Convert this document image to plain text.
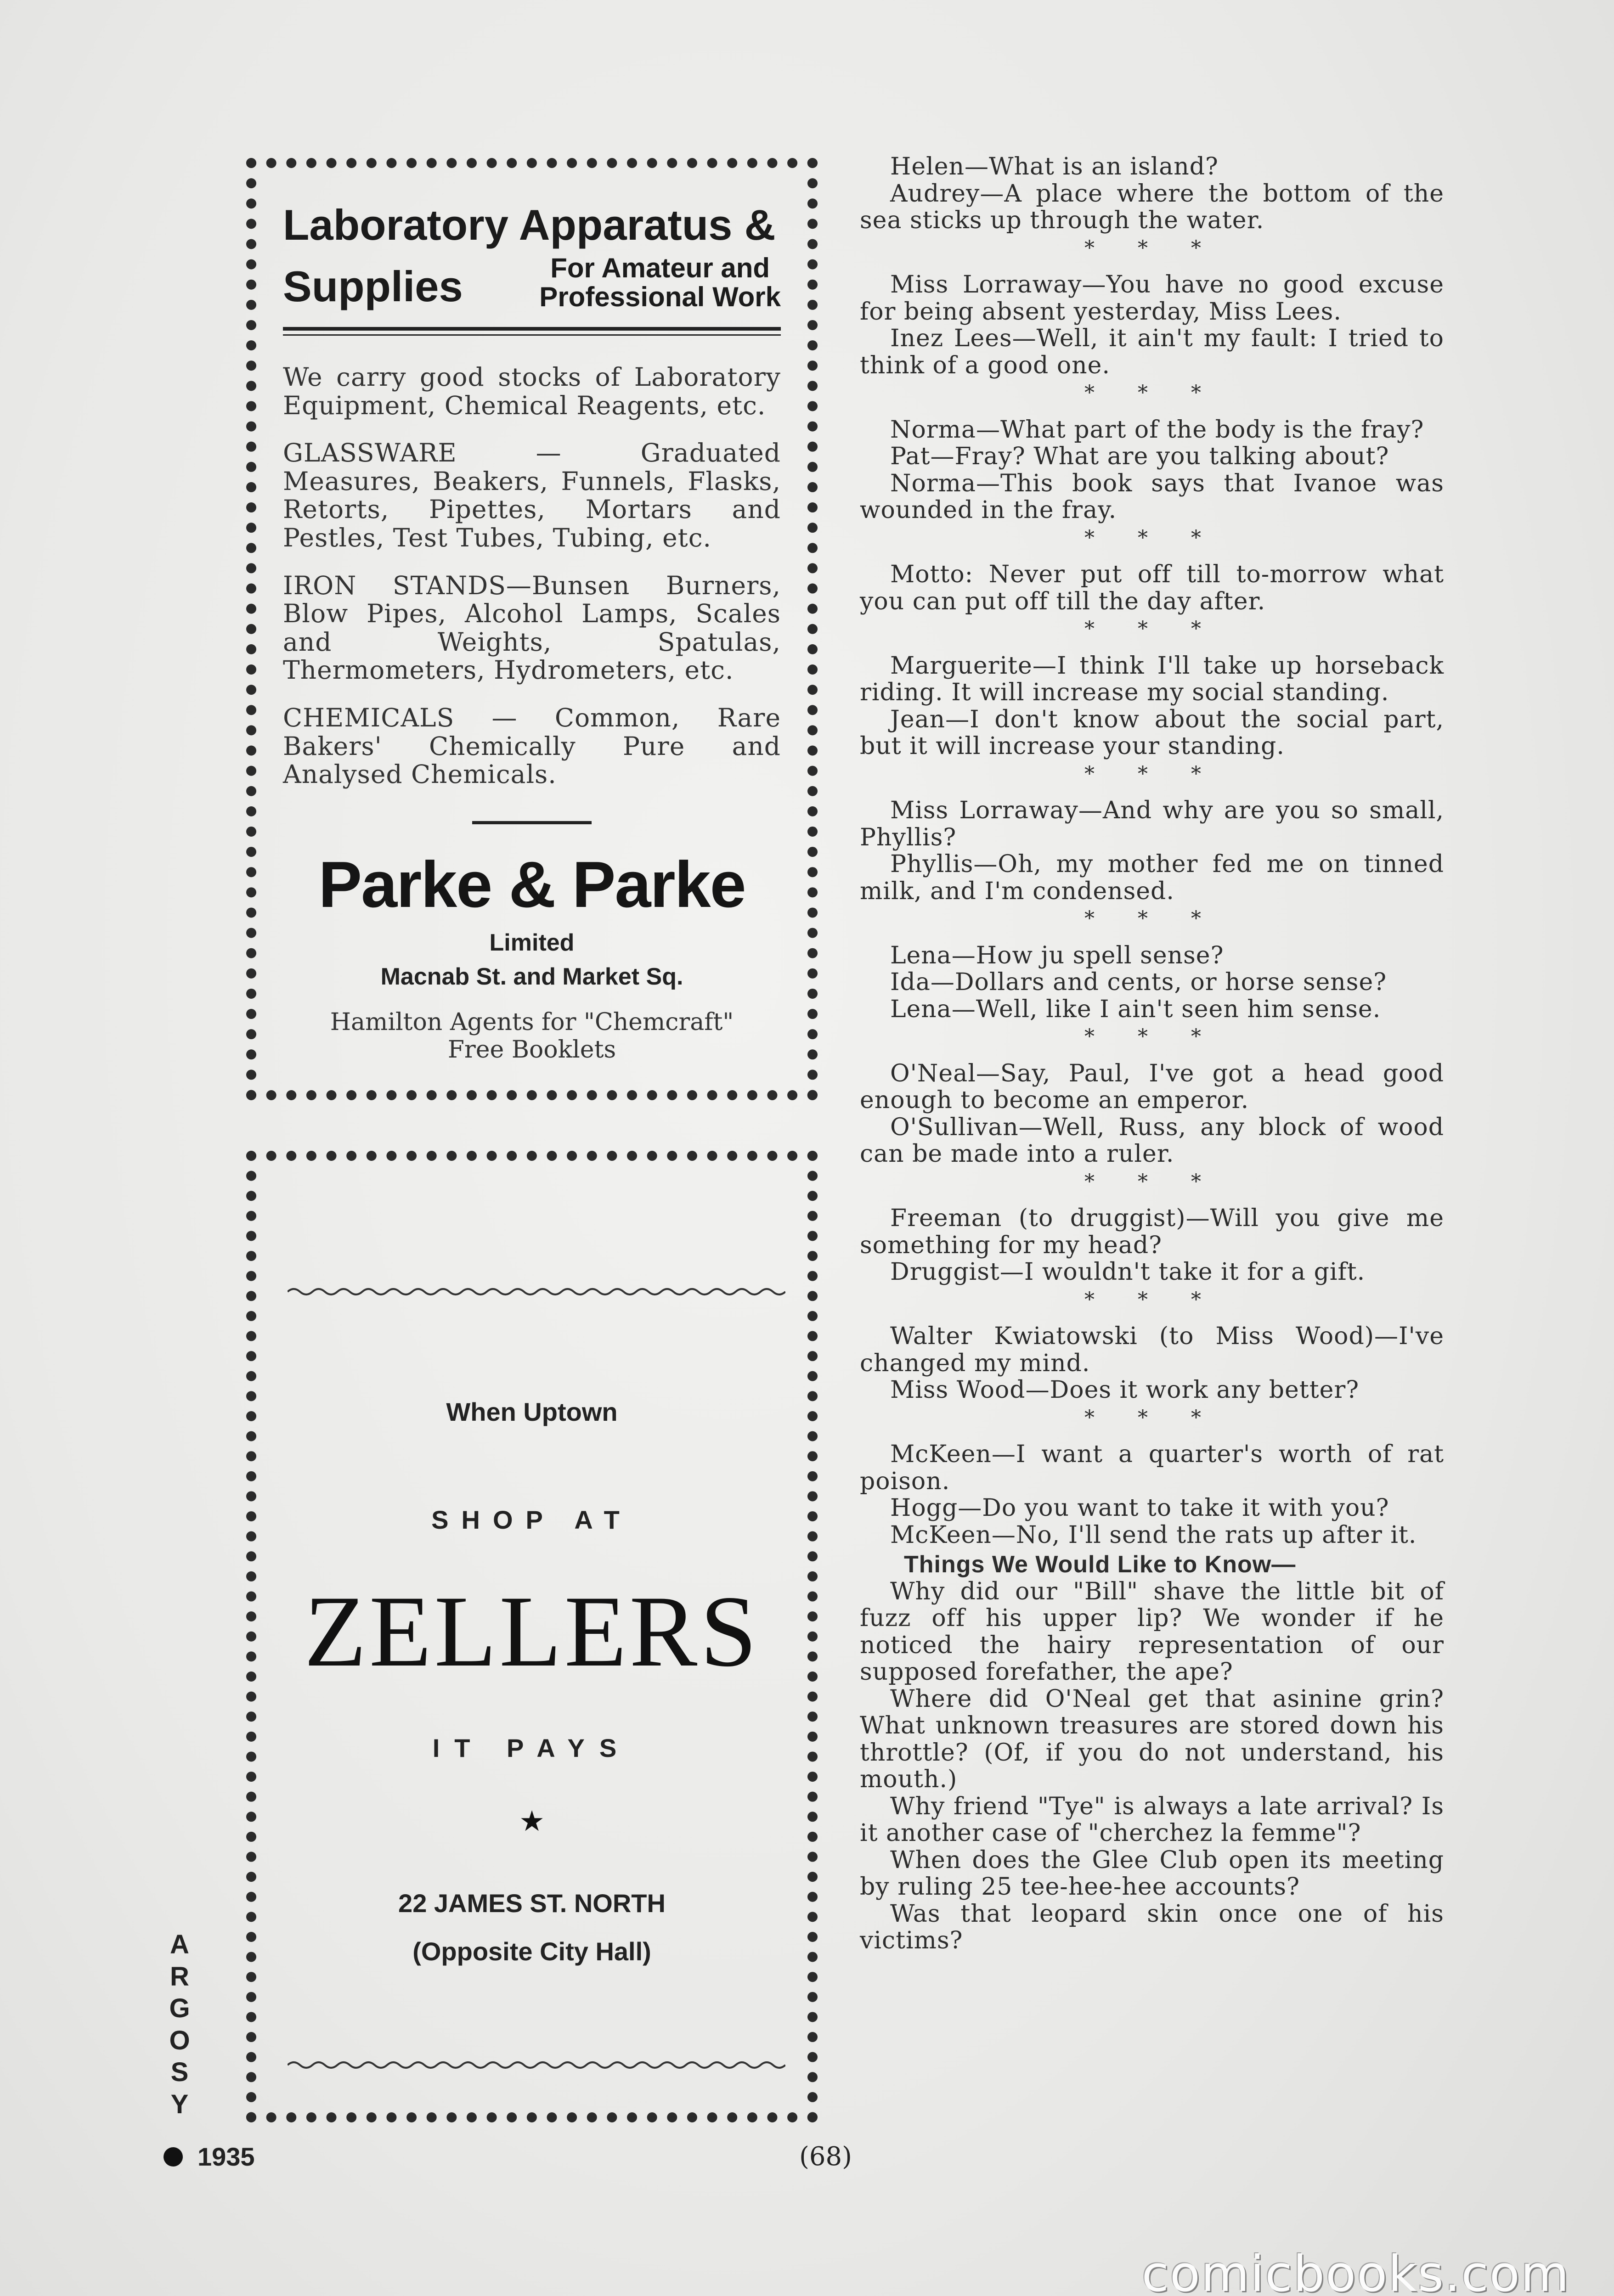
Laboratory Apparatus &
Supplies	For Amateur and
Professional Work

We carry good stocks of Laboratory Equipment, Chemical Reagents, etc.

GLASSWARE — Graduated Measures, Beakers, Funnels, Flasks, Retorts, Pipettes, Mortars and Pestles, Test Tubes, Tubing, etc.

IRON STANDS—Bunsen Burners, Blow Pipes, Alcohol Lamps, Scales and Weights, Spatulas, Thermometers, Hydrometers, etc.

CHEMICALS — Common, Rare Bakers' Chemically Pure and Analysed Chemicals.

Parke & Parke

Limited

Macnab St. and Market Sq.

Hamilton Agents for "Chemcraft"
Free Booklets
When Uptown
SHOP AT
ZELLERS
IT PAYS
★
22 JAMES ST. NORTH
(Opposite City Hall)

Helen—What is an island?

Audrey—A place where the bottom of the sea sticks up through the water.

* * *

Miss Lorraway—You have no good excuse for being absent yesterday, Miss Lees.

Inez Lees—Well, it ain't my fault: I tried to think of a good one.

* * *

Norma—What part of the body is the fray?

Pat—Fray? What are you talking about?

Norma—This book says that Ivanoe was wounded in the fray.

* * *

Motto: Never put off till to-morrow what you can put off till the day after.

* * *

Marguerite—I think I'll take up horseback riding. It will increase my social standing.

Jean—I don't know about the social part, but it will increase your standing.

* * *

Miss Lorraway—And why are you so small, Phyllis?

Phyllis—Oh, my mother fed me on tinned milk, and I'm condensed.

* * *

Lena—How ju spell sense?

Ida—Dollars and cents, or horse sense?

Lena—Well, like I ain't seen him sense.

* * *

O'Neal—Say, Paul, I've got a head good enough to become an emperor.

O'Sullivan—Well, Russ, any block of wood can be made into a ruler.

* * *

Freeman (to druggist)—Will you give me something for my head?

Druggist—I wouldn't take it for a gift.

* * *

Walter Kwiatowski (to Miss Wood)—I've changed my mind.

Miss Wood—Does it work any better?

* * *

McKeen—I want a quarter's worth of rat poison.

Hogg—Do you want to take it with you?

McKeen—No, I'll send the rats up after it.

Things We Would Like to Know—

Why did our "Bill" shave the little bit of fuzz off his upper lip? We wonder if he noticed the hairy representation of our supposed forefather, the ape?

Where did O'Neal get that asinine grin? What unknown treasures are stored down his throttle? (Of, if you do not understand, his mouth.)

Why friend "Tye" is always a late arrival? Is it another case of "cherchez la femme"?

When does the Glee Club open its meeting by ruling 25 tee-hee-hee accounts?

Was that leopard skin once one of his victims?

A
R
G
O
S
Y
1935	(68)
comicbooks.com
